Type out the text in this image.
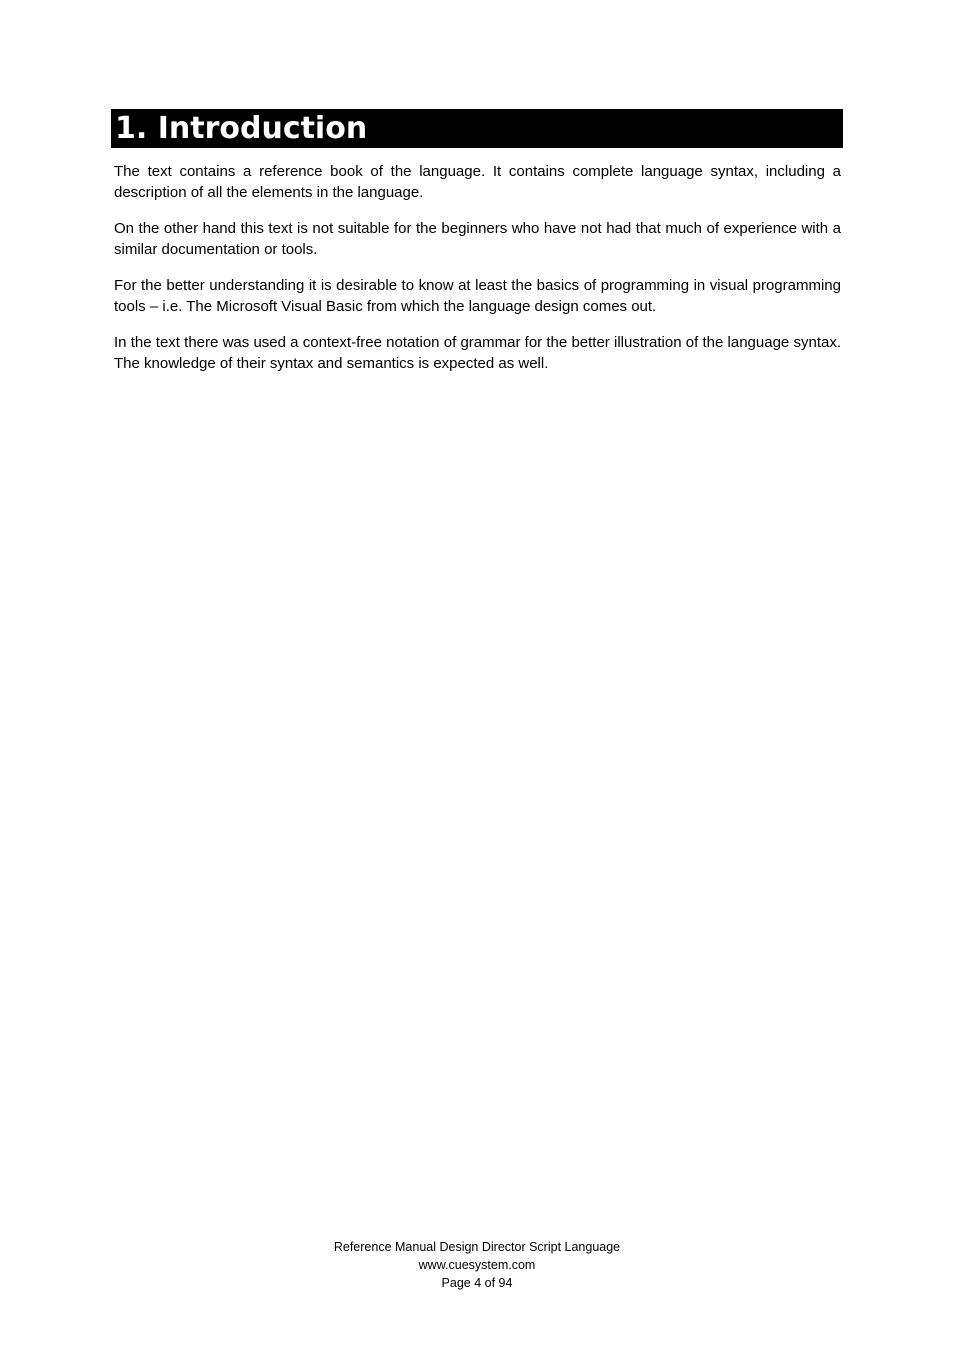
1. Introduction

The text contains a reference book of the language. It contains complete language syntax, including a description of all the elements in the language.

On the other hand this text is not suitable for the beginners who have not had that much of experience with a similar documentation or tools.

For the better understanding it is desirable to know at least the basics of programming in visual programming tools – i.e. The Microsoft Visual Basic from which the language design comes out.

In the text there was used a context-free notation of grammar for the better illustration of the language syntax. The knowledge of their syntax and semantics is expected as well.

Reference Manual Design Director Script Language
www.cuesystem.com
Page 4 of 94
